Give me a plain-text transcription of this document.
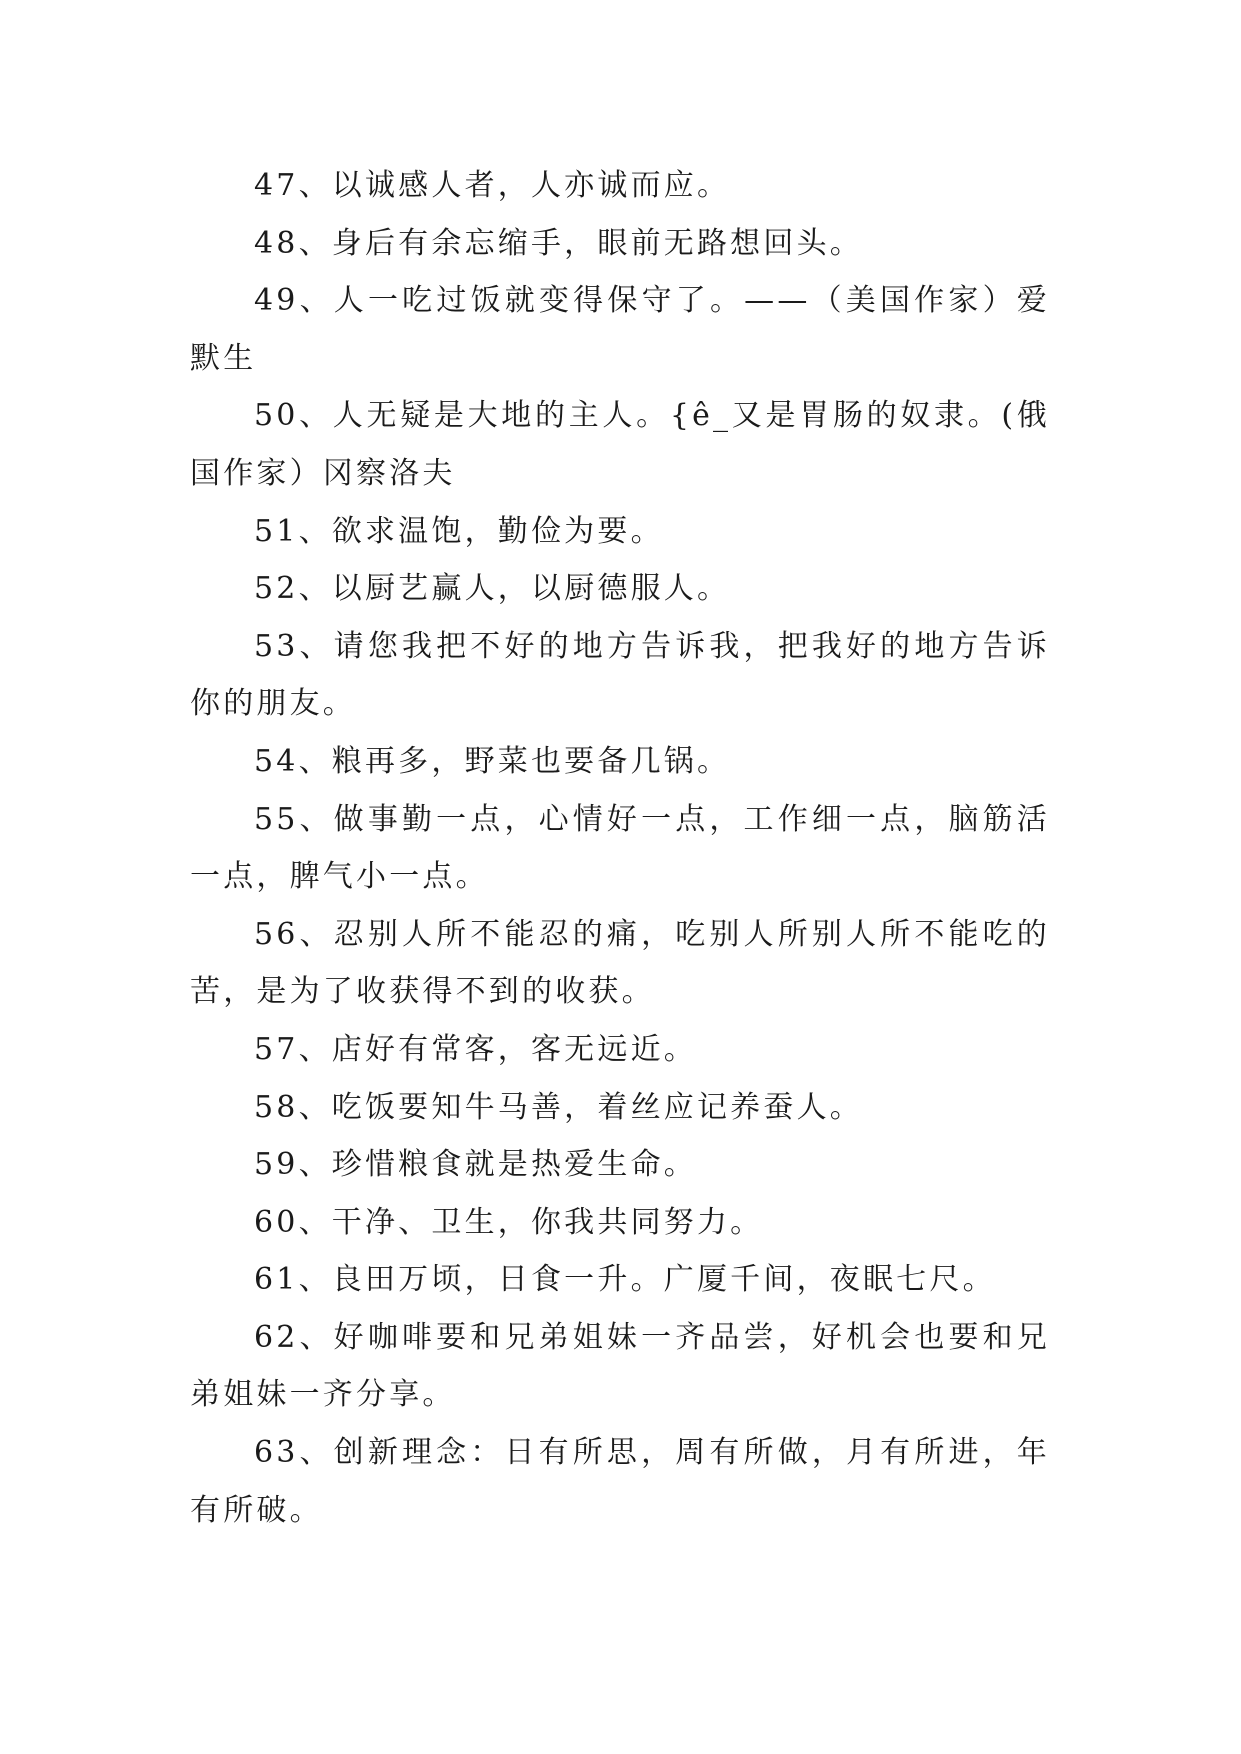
47、以诚感人者，人亦诚而应。

48、身后有余忘缩手，眼前无路想回头。

49、人一吃过饭就变得保守了。——（美国作家）爱默生

50、人无疑是大地的主人。{ê_又是胃肠的奴隶。(俄国作家）冈察洛夫

51、欲求温饱，勤俭为要。

52、以厨艺赢人，以厨德服人。

53、请您我把不好的地方告诉我，把我好的地方告诉你的朋友。

54、粮再多，野菜也要备几锅。

55、做事勤一点，心情好一点，工作细一点，脑筋活一点，脾气小一点。

56、忍别人所不能忍的痛，吃别人所别人所不能吃的苦，是为了收获得不到的收获。

57、店好有常客，客无远近。

58、吃饭要知牛马善，着丝应记养蚕人。

59、珍惜粮食就是热爱生命。

60、干净、卫生，你我共同努力。

61、良田万顷，日食一升。广厦千间，夜眠七尺。

62、好咖啡要和兄弟姐妹一齐品尝，好机会也要和兄弟姐妹一齐分享。

63、创新理念：日有所思，周有所做，月有所进，年有所破。
